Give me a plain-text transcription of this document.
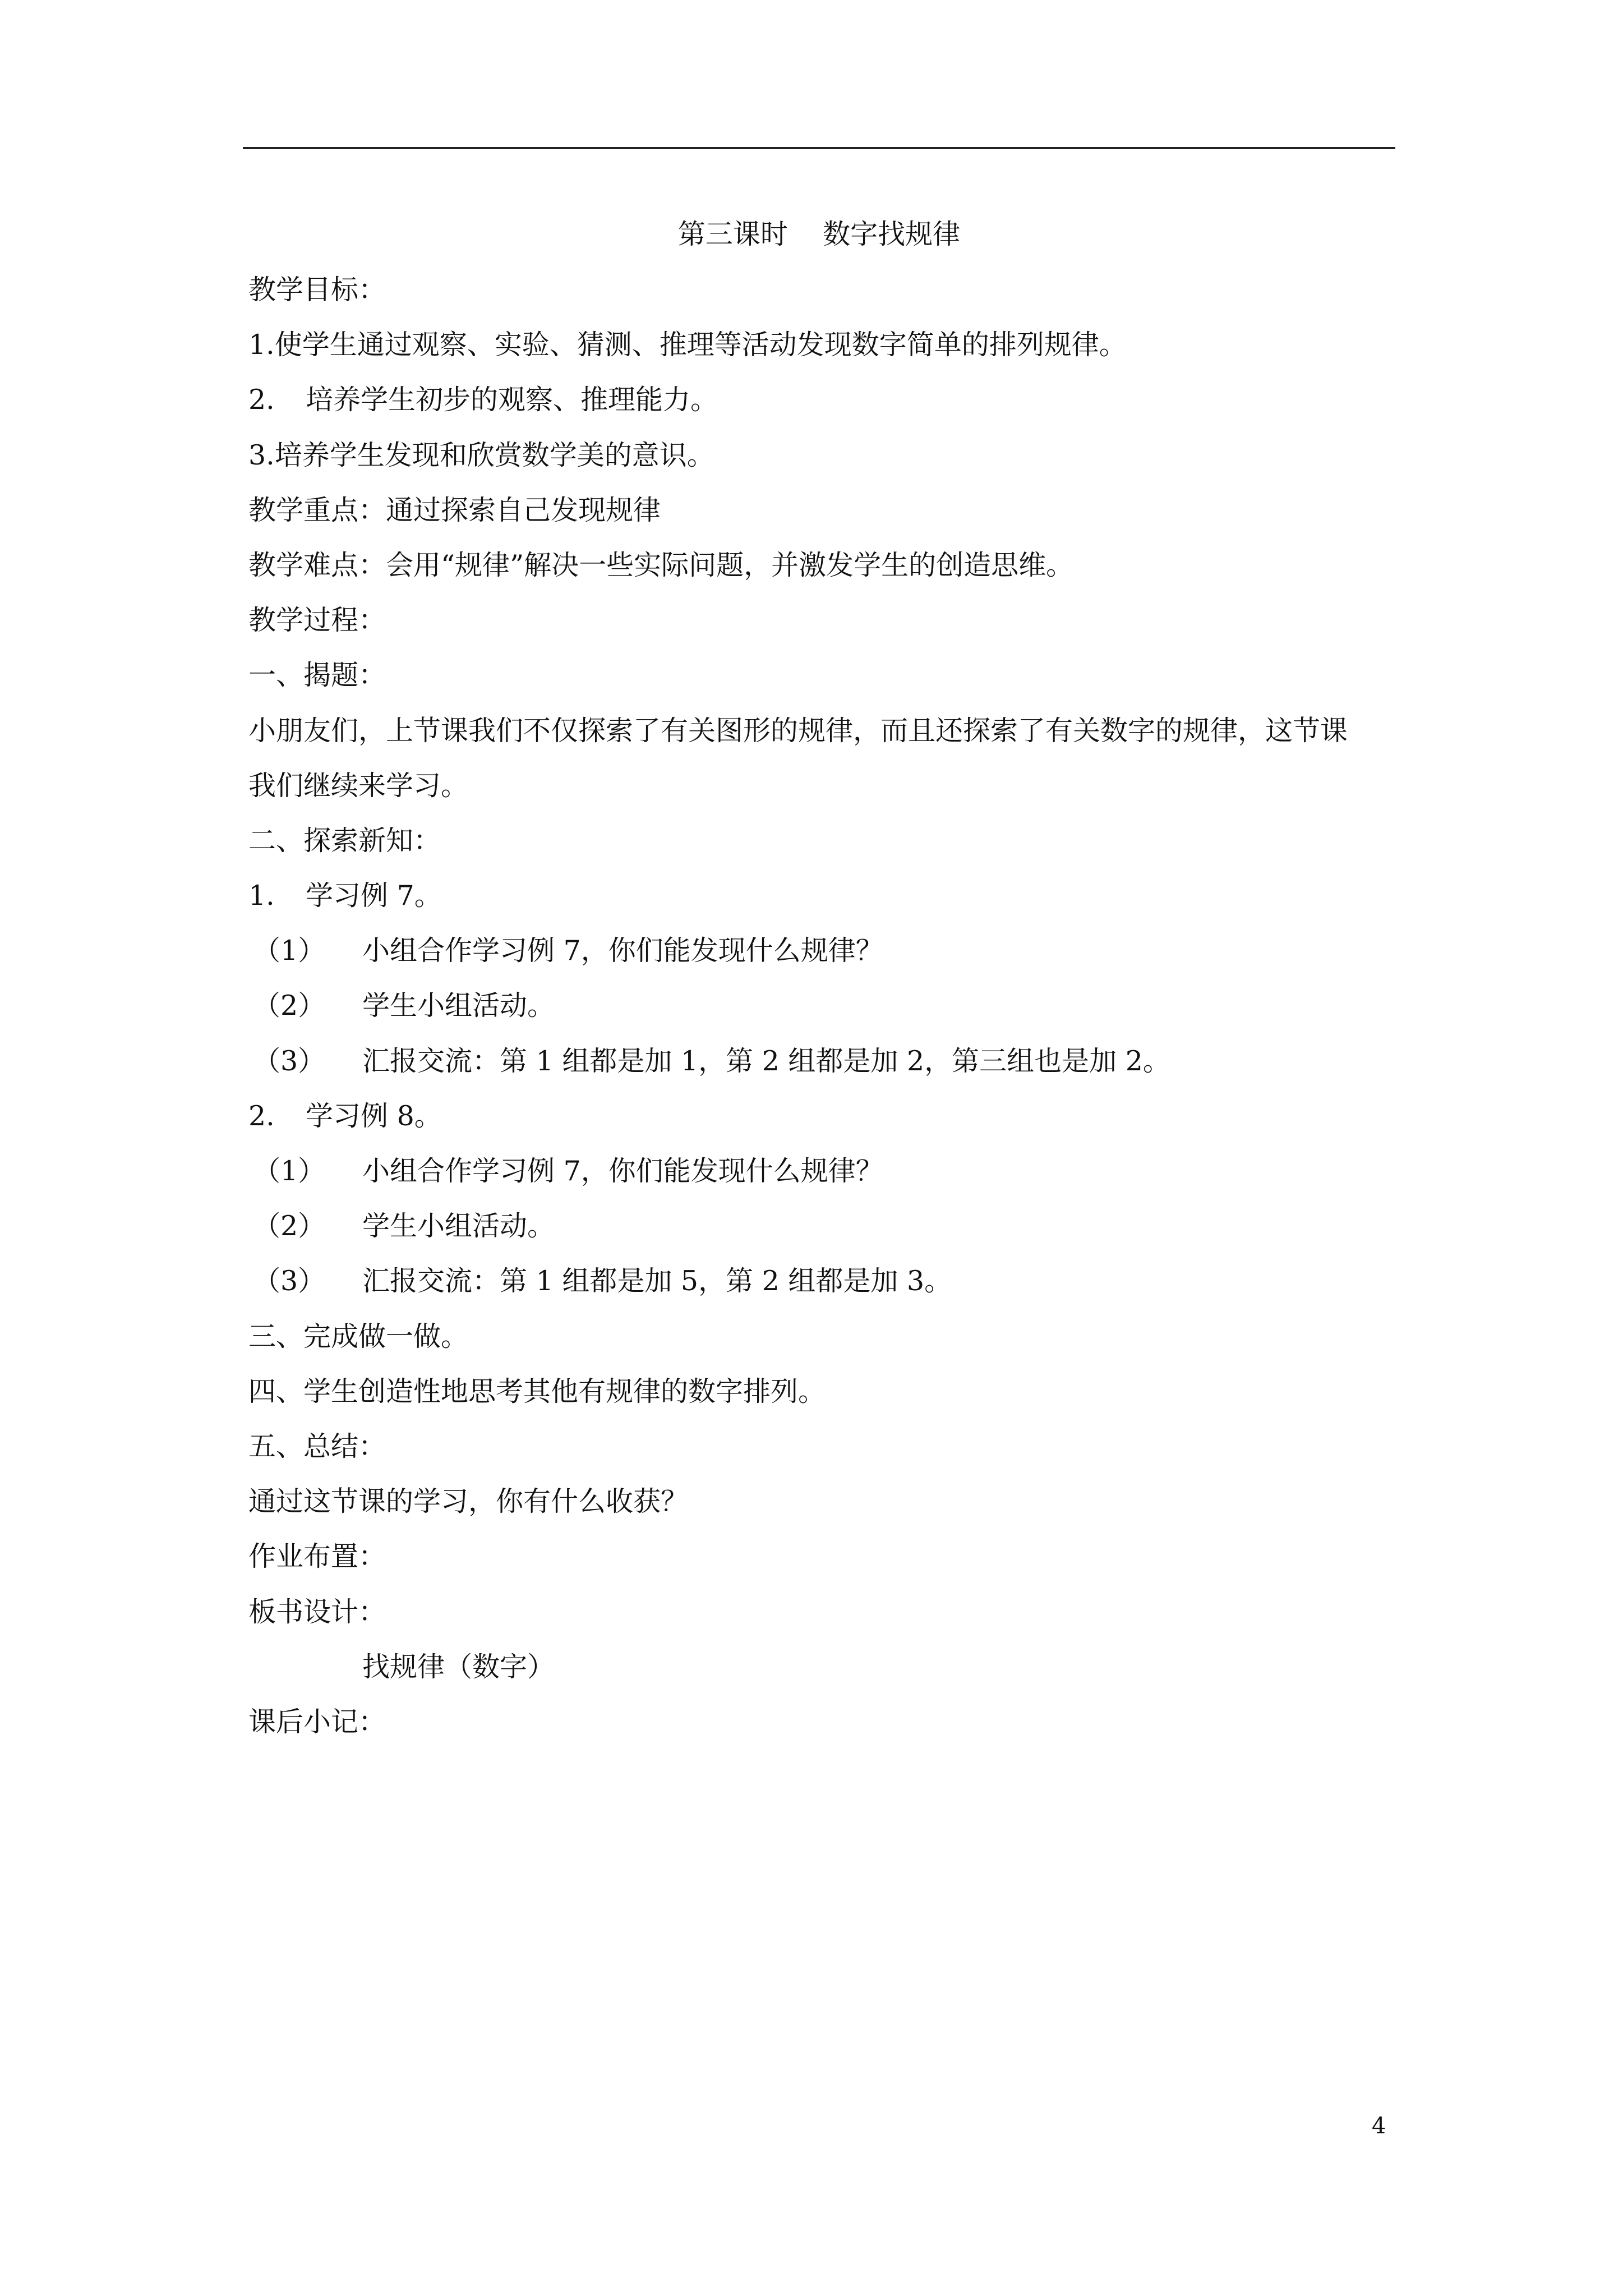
第三课时    数字找规律
教学目标：
1.使学生通过观察、实验、猜测、推理等活动发现数字简单的排列规律。
2.	培养学生初步的观察、推理能力。
3.培养学生发现和欣赏数学美的意识。
教学重点：通过探索自己发现规律
教学难点：会用“规律”解决一些实际问题，并激发学生的创造思维。
教学过程：
一、揭题：
小朋友们，上节课我们不仅探索了有关图形的规律，而且还探索了有关数字的规律，这节课
我们继续来学习。
二、探索新知：
1.	学习例 7。
（1）	小组合作学习例 7，你们能发现什么规律？
（2）	学生小组活动。
（3）	汇报交流：第 1 组都是加 1，第 2 组都是加 2，第三组也是加 2。
2.	学习例 8。
（1）	小组合作学习例 7，你们能发现什么规律？
（2）	学生小组活动。
（3）	汇报交流：第 1 组都是加 5，第 2 组都是加 3。
三、完成做一做。
四、学生创造性地思考其他有规律的数字排列。
五、总结：
通过这节课的学习，你有什么收获？
作业布置：
板书设计：
找规律（数字）
课后小记：
4
